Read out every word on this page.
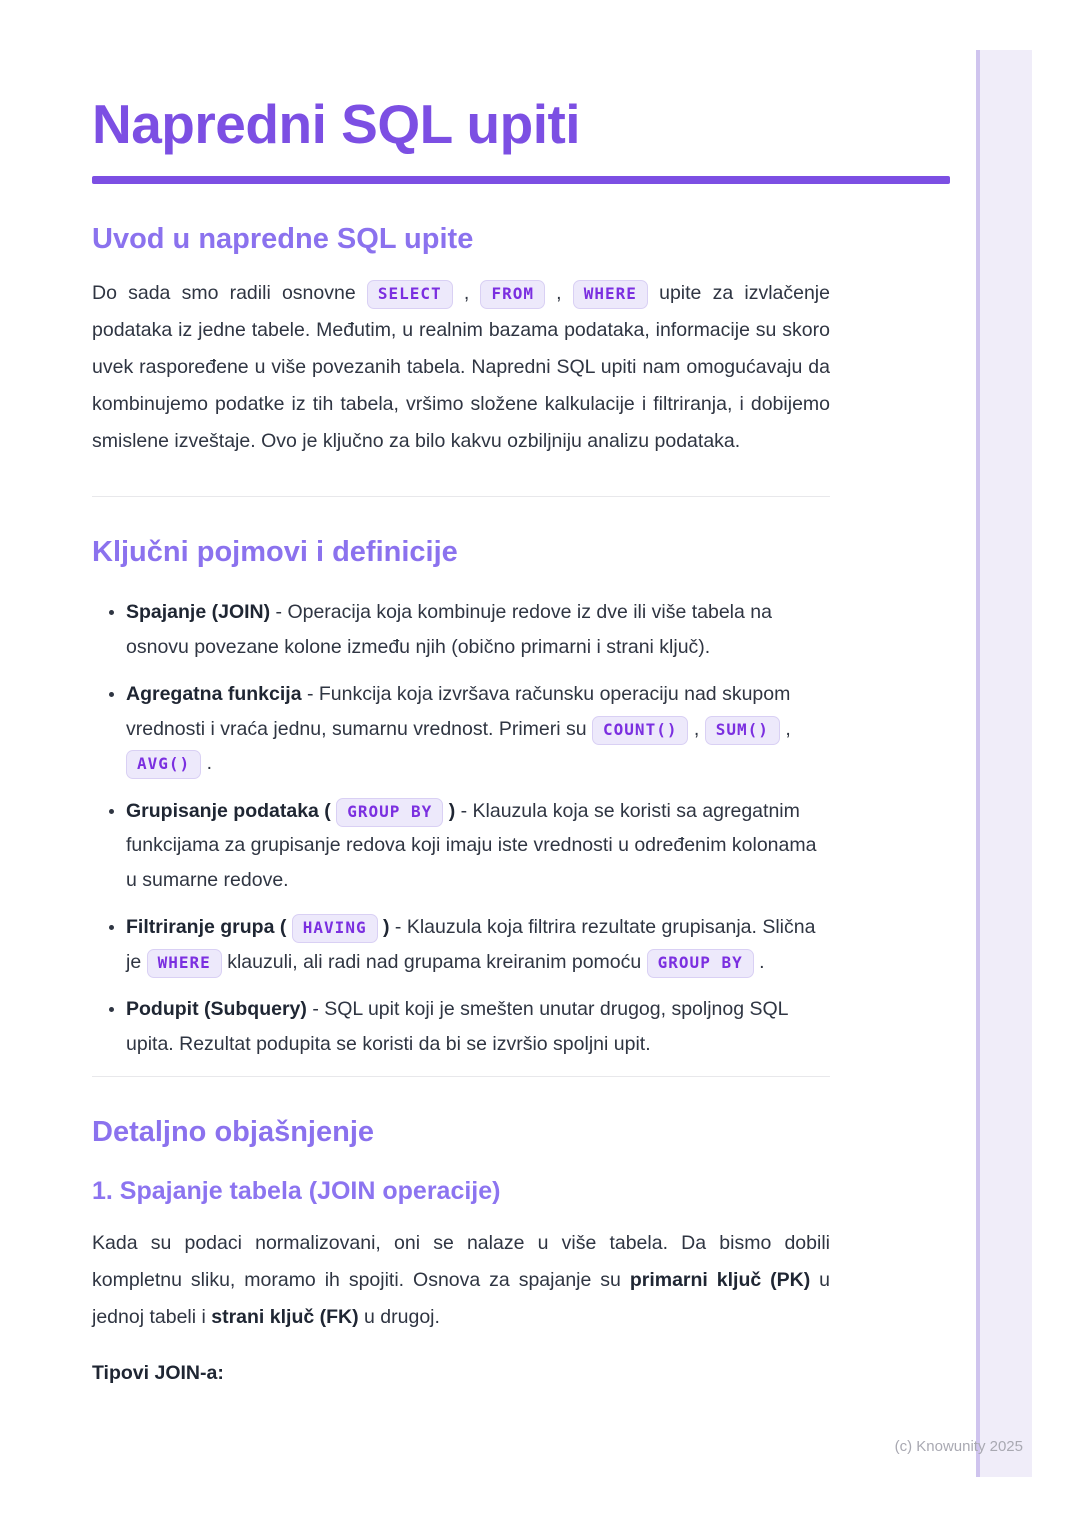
Napredni SQL upiti
Uvod u napredne SQL upite

Do sada smo radili osnovne SELECT , FROM , WHERE upite za izvlačenje podataka iz jedne tabele. Međutim, u realnim bazama podataka, informacije su skoro uvek raspoređene u više povezanih tabela. Napredni SQL upiti nam omogućavaju da kombinujemo podatke iz tih tabela, vršimo složene kalkulacije i filtriranja, i dobijemo smislene izveštaje. Ovo je ključno za bilo kakvu ozbiljniju analizu podataka.

Ključni pojmovi i definicije
• Spajanje (JOIN) - Operacija koja kombinuje redove iz dve ili više tabela na osnovu povezane kolone između njih (obično primarni i strani ključ).
• Agregatna funkcija - Funkcija koja izvršava računsku operaciju nad skupom vrednosti i vraća jednu, sumarnu vrednost. Primeri su COUNT() , SUM() , AVG() .
• Grupisanje podataka ( GROUP BY ) - Klauzula koja se koristi sa agregatnim funkcijama za grupisanje redova koji imaju iste vrednosti u određenim kolonama u sumarne redove.
• Filtriranje grupa ( HAVING ) - Klauzula koja filtrira rezultate grupisanja. Slična je WHERE klauzuli, ali radi nad grupama kreiranim pomoću GROUP BY .
• Podupit (Subquery) - SQL upit koji je smešten unutar drugog, spoljnog SQL upita. Rezultat podupita se koristi da bi se izvršio spoljni upit.
Detaljno objašnjenje
1. Spajanje tabela (JOIN operacije)

Kada su podaci normalizovani, oni se nalaze u više tabela. Da bismo dobili kompletnu sliku, moramo ih spojiti. Osnova za spajanje su primarni ključ (PK) u jednoj tabeli i strani ključ (FK) u drugoj.

Tipovi JOIN-a:

(c) Knowunity 2025
